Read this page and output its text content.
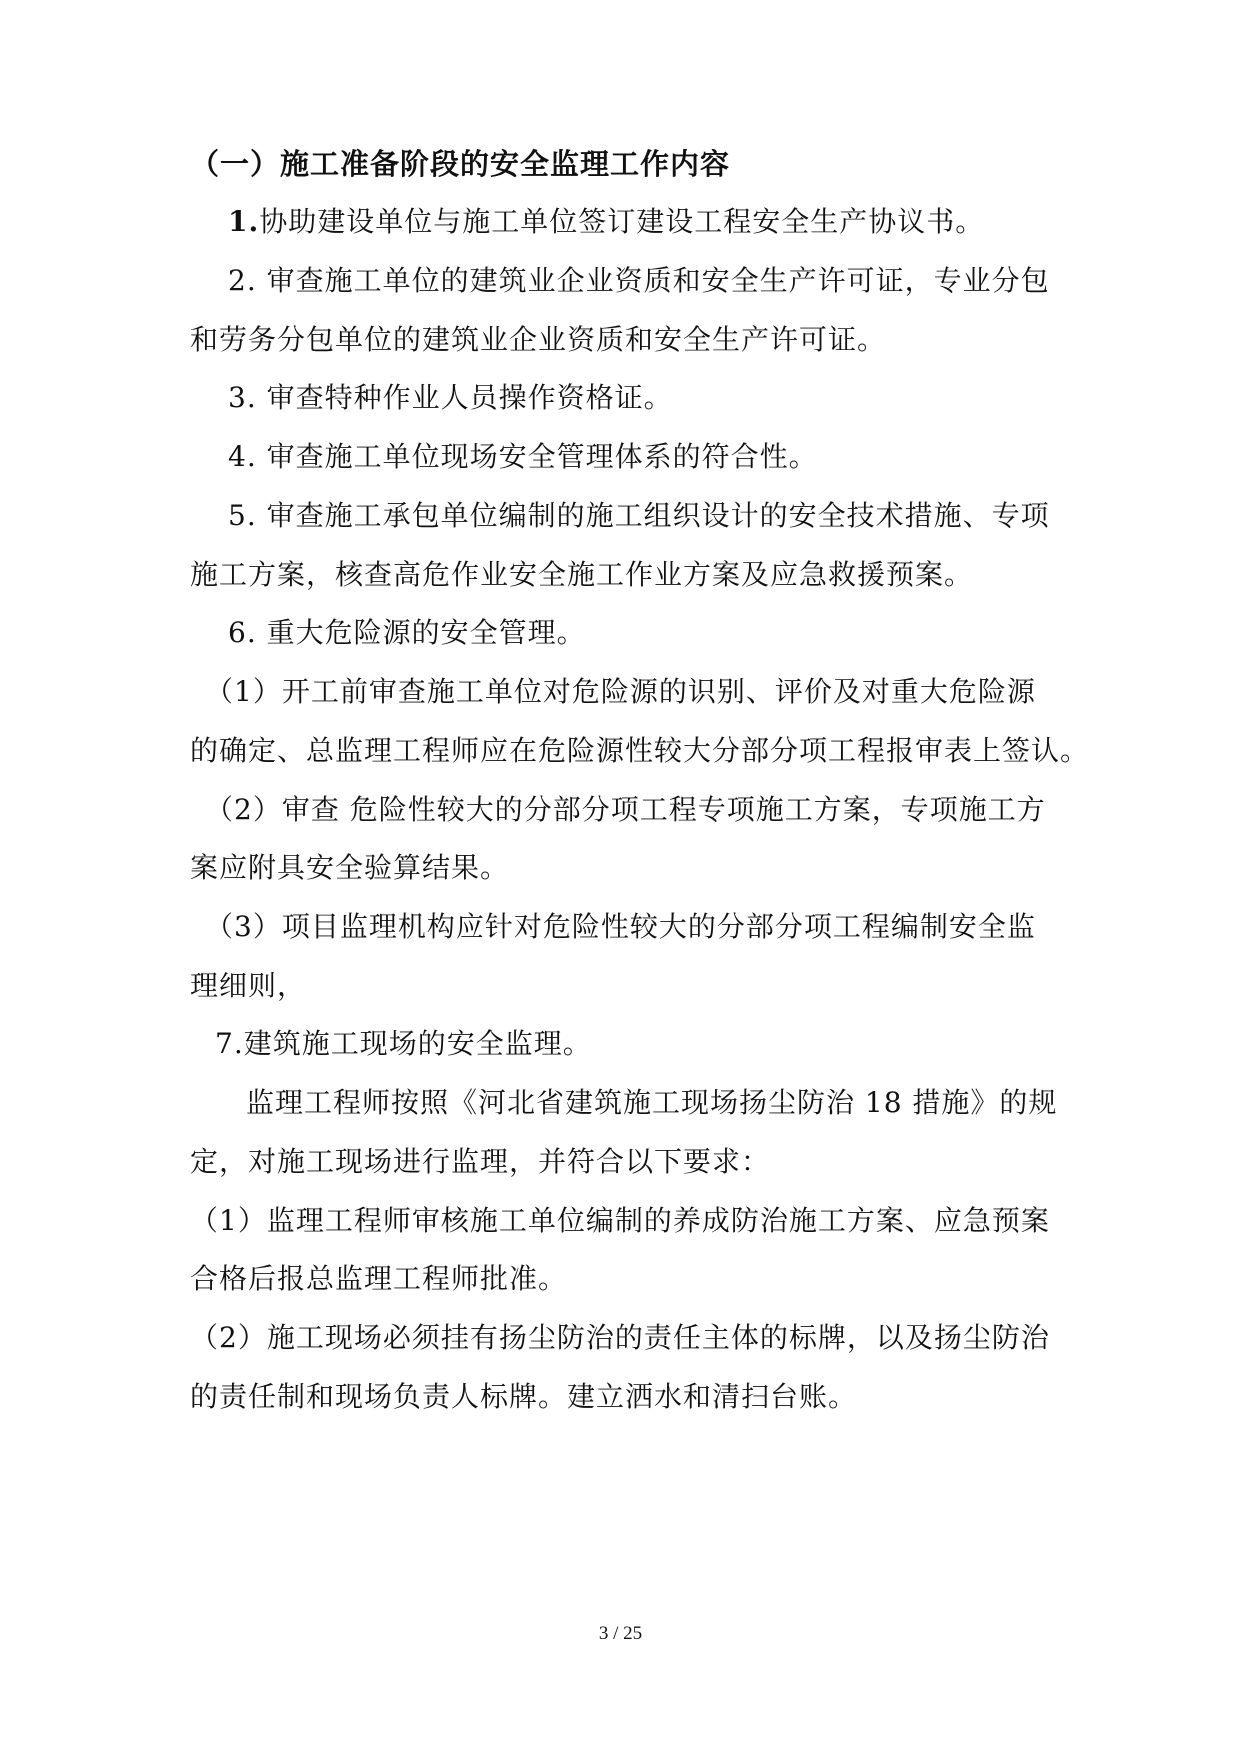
（一）施工准备阶段的安全监理工作内容
1.协助建设单位与施工单位签订建设工程安全生产协议书。
2. 审查施工单位的建筑业企业资质和安全生产许可证，专业分包
和劳务分包单位的建筑业企业资质和安全生产许可证。
3. 审查特种作业人员操作资格证。
4. 审查施工单位现场安全管理体系的符合性。
5. 审查施工承包单位编制的施工组织设计的安全技术措施、专项
施工方案，核查高危作业安全施工作业方案及应急救援预案。
6. 重大危险源的安全管理。
（1）开工前审查施工单位对危险源的识别、评价及对重大危险源
的确定、总监理工程师应在危险源性较大分部分项工程报审表上签认。
（2）审查 危险性较大的分部分项工程专项施工方案，专项施工方
案应附具安全验算结果。
（3）项目监理机构应针对危险性较大的分部分项工程编制安全监
理细则，
7.建筑施工现场的安全监理。
监理工程师按照《河北省建筑施工现场扬尘防治 18 措施》的规
定，对施工现场进行监理，并符合以下要求：
（1）监理工程师审核施工单位编制的养成防治施工方案、应急预案
合格后报总监理工程师批准。
（2）施工现场必须挂有扬尘防治的责任主体的标牌，以及扬尘防治
的责任制和现场负责人标牌。建立洒水和清扫台账。
3 / 25
